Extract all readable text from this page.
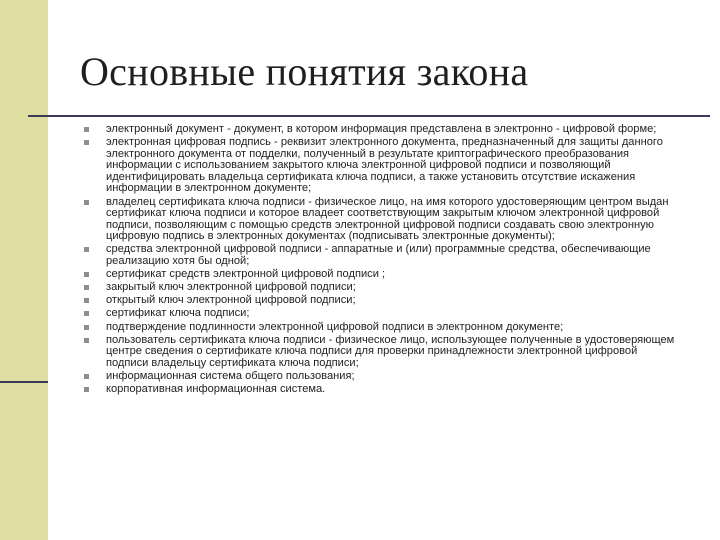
Основные понятия закона
электронный документ - документ, в котором информация представлена в электронно - цифровой форме;
электронная цифровая подпись - реквизит электронного документа, предназначенный для защиты данного электронного документа от подделки, полученный в результате криптографического преобразования информации с использованием закрытого ключа электронной цифровой подписи и позволяющий идентифицировать владельца сертификата ключа подписи, а также установить отсутствие искажения информации в электронном документе;
владелец сертификата ключа подписи - физическое лицо, на имя которого удостоверяющим центром выдан сертификат ключа подписи и которое владеет соответствующим закрытым ключом электронной цифровой подписи, позволяющим с помощью средств электронной цифровой подписи создавать свою электронную цифровую подпись в электронных документах (подписывать электронные документы);
средства электронной цифровой подписи - аппаратные и (или) программные средства, обеспечивающие реализацию хотя бы одной;
сертификат средств электронной цифровой подписи ;
закрытый ключ электронной цифровой подписи;
открытый ключ электронной цифровой подписи;
сертификат ключа подписи;
подтверждение подлинности электронной цифровой подписи в электронном документе;
пользователь сертификата ключа подписи - физическое лицо, использующее полученные в удостоверяющем центре сведения о сертификате ключа подписи для проверки принадлежности электронной цифровой подписи владельцу сертификата ключа подписи;
информационная система общего пользования;
корпоративная информационная система.
